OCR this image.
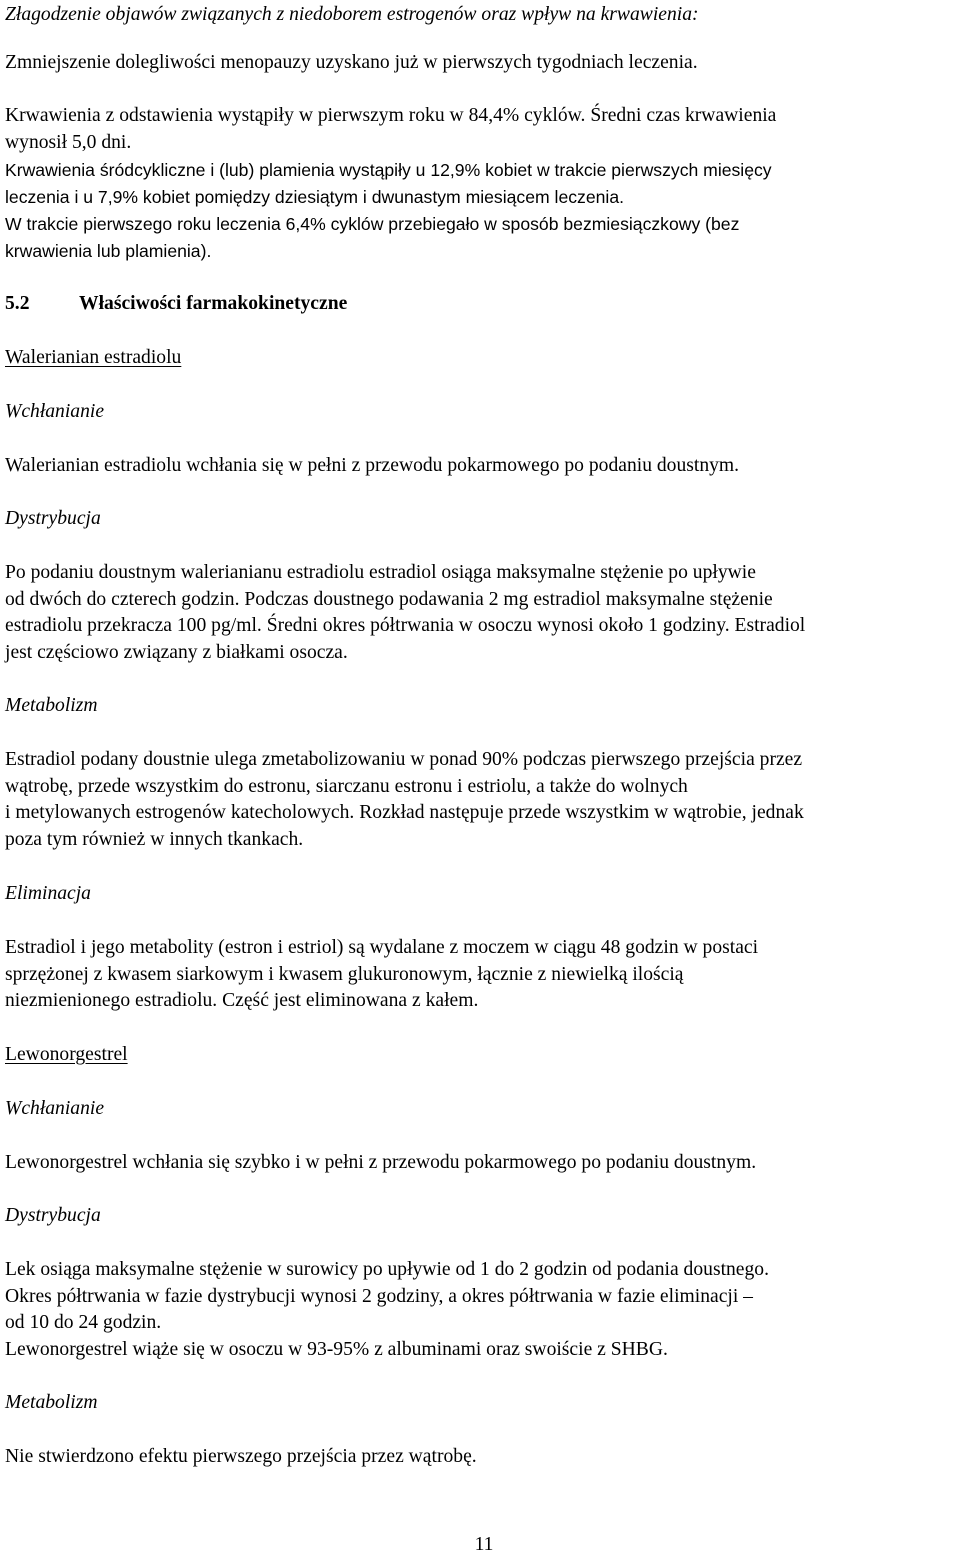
Złagodzenie objawów związanych z niedoborem estrogenów oraz wpływ na krwawienia:

Zmniejszenie dolegliwości menopauzy uzyskano już w pierwszych tygodniach leczenia.

Krwawienia z odstawienia wystąpiły w pierwszym roku w 84,4% cyklów. Średni czas krwawienia
wynosił 5,0 dni.

Krwawienia śródcykliczne i (lub) plamienia wystąpiły u 12,9% kobiet w trakcie pierwszych miesięcy
leczenia i u 7,9% kobiet pomiędzy dziesiątym i dwunastym miesiącem leczenia.

W trakcie pierwszego roku leczenia 6,4% cyklów przebiegało w sposób bezmiesiączkowy (bez
krwawienia lub plamienia).

5.2	Właściwości farmakokinetyczne

Walerianian estradiolu

Wchłanianie

Walerianian estradiolu wchłania się w pełni z przewodu pokarmowego po podaniu doustnym.

Dystrybucja

Po podaniu doustnym walerianianu estradiolu estradiol osiąga maksymalne stężenie po upływie
od dwóch do czterech godzin. Podczas doustnego podawania 2 mg estradiol maksymalne stężenie
estradiolu przekracza 100 pg/ml. Średni okres półtrwania w osoczu wynosi około 1 godziny. Estradiol
jest częściowo związany z białkami osocza.

Metabolizm

Estradiol podany doustnie ulega zmetabolizowaniu w ponad 90% podczas pierwszego przejścia przez
wątrobę, przede wszystkim do estronu, siarczanu estronu i estriolu, a także do wolnych
i metylowanych estrogenów katecholowych. Rozkład następuje przede wszystkim w wątrobie, jednak
poza tym również w innych tkankach.

Eliminacja

Estradiol i jego metabolity (estron i estriol) są wydalane z moczem w ciągu 48 godzin w postaci
sprzężonej z kwasem siarkowym i kwasem glukuronowym, łącznie z niewielką ilością
niezmienionego estradiolu. Część jest eliminowana z kałem.

Lewonorgestrel

Wchłanianie

Lewonorgestrel wchłania się szybko i w pełni z przewodu pokarmowego po podaniu doustnym.

Dystrybucja

Lek osiąga maksymalne stężenie w surowicy po upływie od 1 do 2 godzin od podania doustnego.
Okres półtrwania w fazie dystrybucji wynosi 2 godziny, a okres półtrwania w fazie eliminacji –
od 10 do 24 godzin.
Lewonorgestrel wiąże się w osoczu w 93-95% z albuminami oraz swoiście z SHBG.

Metabolizm

Nie stwierdzono efektu pierwszego przejścia przez wątrobę.

11
